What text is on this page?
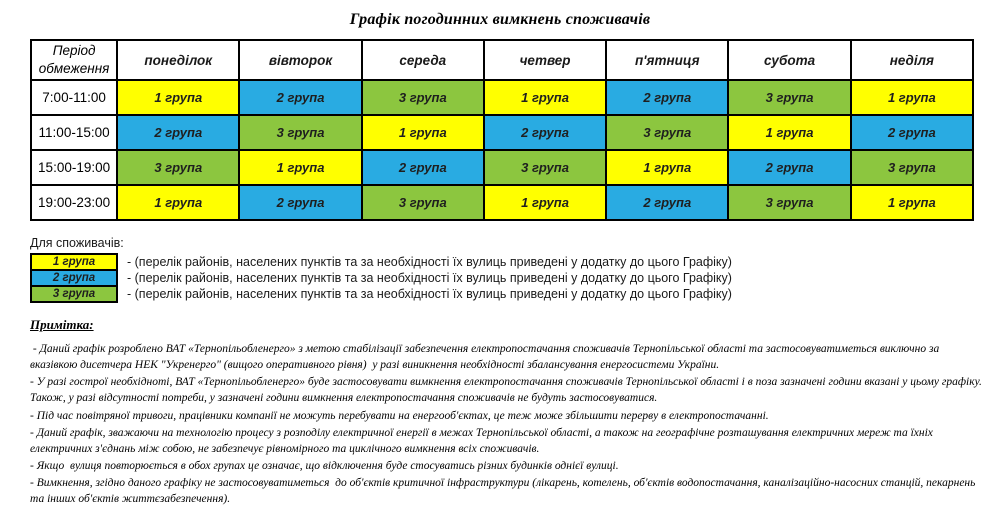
Графік погодинних вимкнень споживачів
Період обмеження	понеділок	вівторок	середа	четвер	п'ятниця	субота	неділя
7:00-11:00	1 група	2 група	3 група	1 група	2 група	3 група	1 група
11:00-15:00	2 група	3 група	1 група	2 група	3 група	1 група	2 група
15:00-19:00	3 група	1 група	2 група	3 група	1 група	2 група	3 група
19:00-23:00	1 група	2 група	3 група	1 група	2 група	3 група	1 група
Для споживачів:
1 група	- (перелік районів, населених пунктів та за необхідності їх вулиць приведені у додатку до цього Графіку)
2 група	- (перелік районів, населених пунктів та за необхідності їх вулиць приведені у додатку до цього Графіку)
3 група	- (перелік районів, населених пунктів та за необхідності їх вулиць приведені у додатку до цього Графіку)
Примітка:

- Даний графік розроблено ВАТ «Тернопільобленерго» з метою стабілізації забезпечення електропостачання споживачів Тернопільської області та застосовуватиметься виключно за вказівкою дисетчера НЕК "Укренерго" (вищого оперативного рівня)  у разі виникнення необхідності збалансування енергосистеми України.

- У разі гострої необхідноті, ВАТ «Тернопільобленерго» буде застосовувати вимкнення електропостачання споживачів Тернопільської області і в поза зазначені години вказані у цьому графіку. Також, у разі відсутності потреби, у зазначені години вимкнення електропостачання споживачів не будуть застосовуватися.

- Під час повітряної тривоги, працівники компанії не можуть перебувати на енергооб'єктах, це теж може збільшити перерву в електропостачанні.

- Даний графік, зважаючи на технологію процесу з розподілу електричної енергії в межах Тернопільської області, а також на географічне розташування електричних мереж та їхніх електричних з'єднань між собою, не забезпечує рівномірного та циклічного вимкнення всіх споживачів.

- Якщо  вулиця повторюється в обох групах це означає, що відключення буде стосуватись різних будинків однієї вулиці.

- Вимкнення, згідно даного графіку не застосовуватиметься  до об'єктів критичної інфраструктури (лікарень, котелень, об'єктів водопостачання, каналізаційно-насосних станцій, пекарнень та інших об'єктів життєзабезпечення).
